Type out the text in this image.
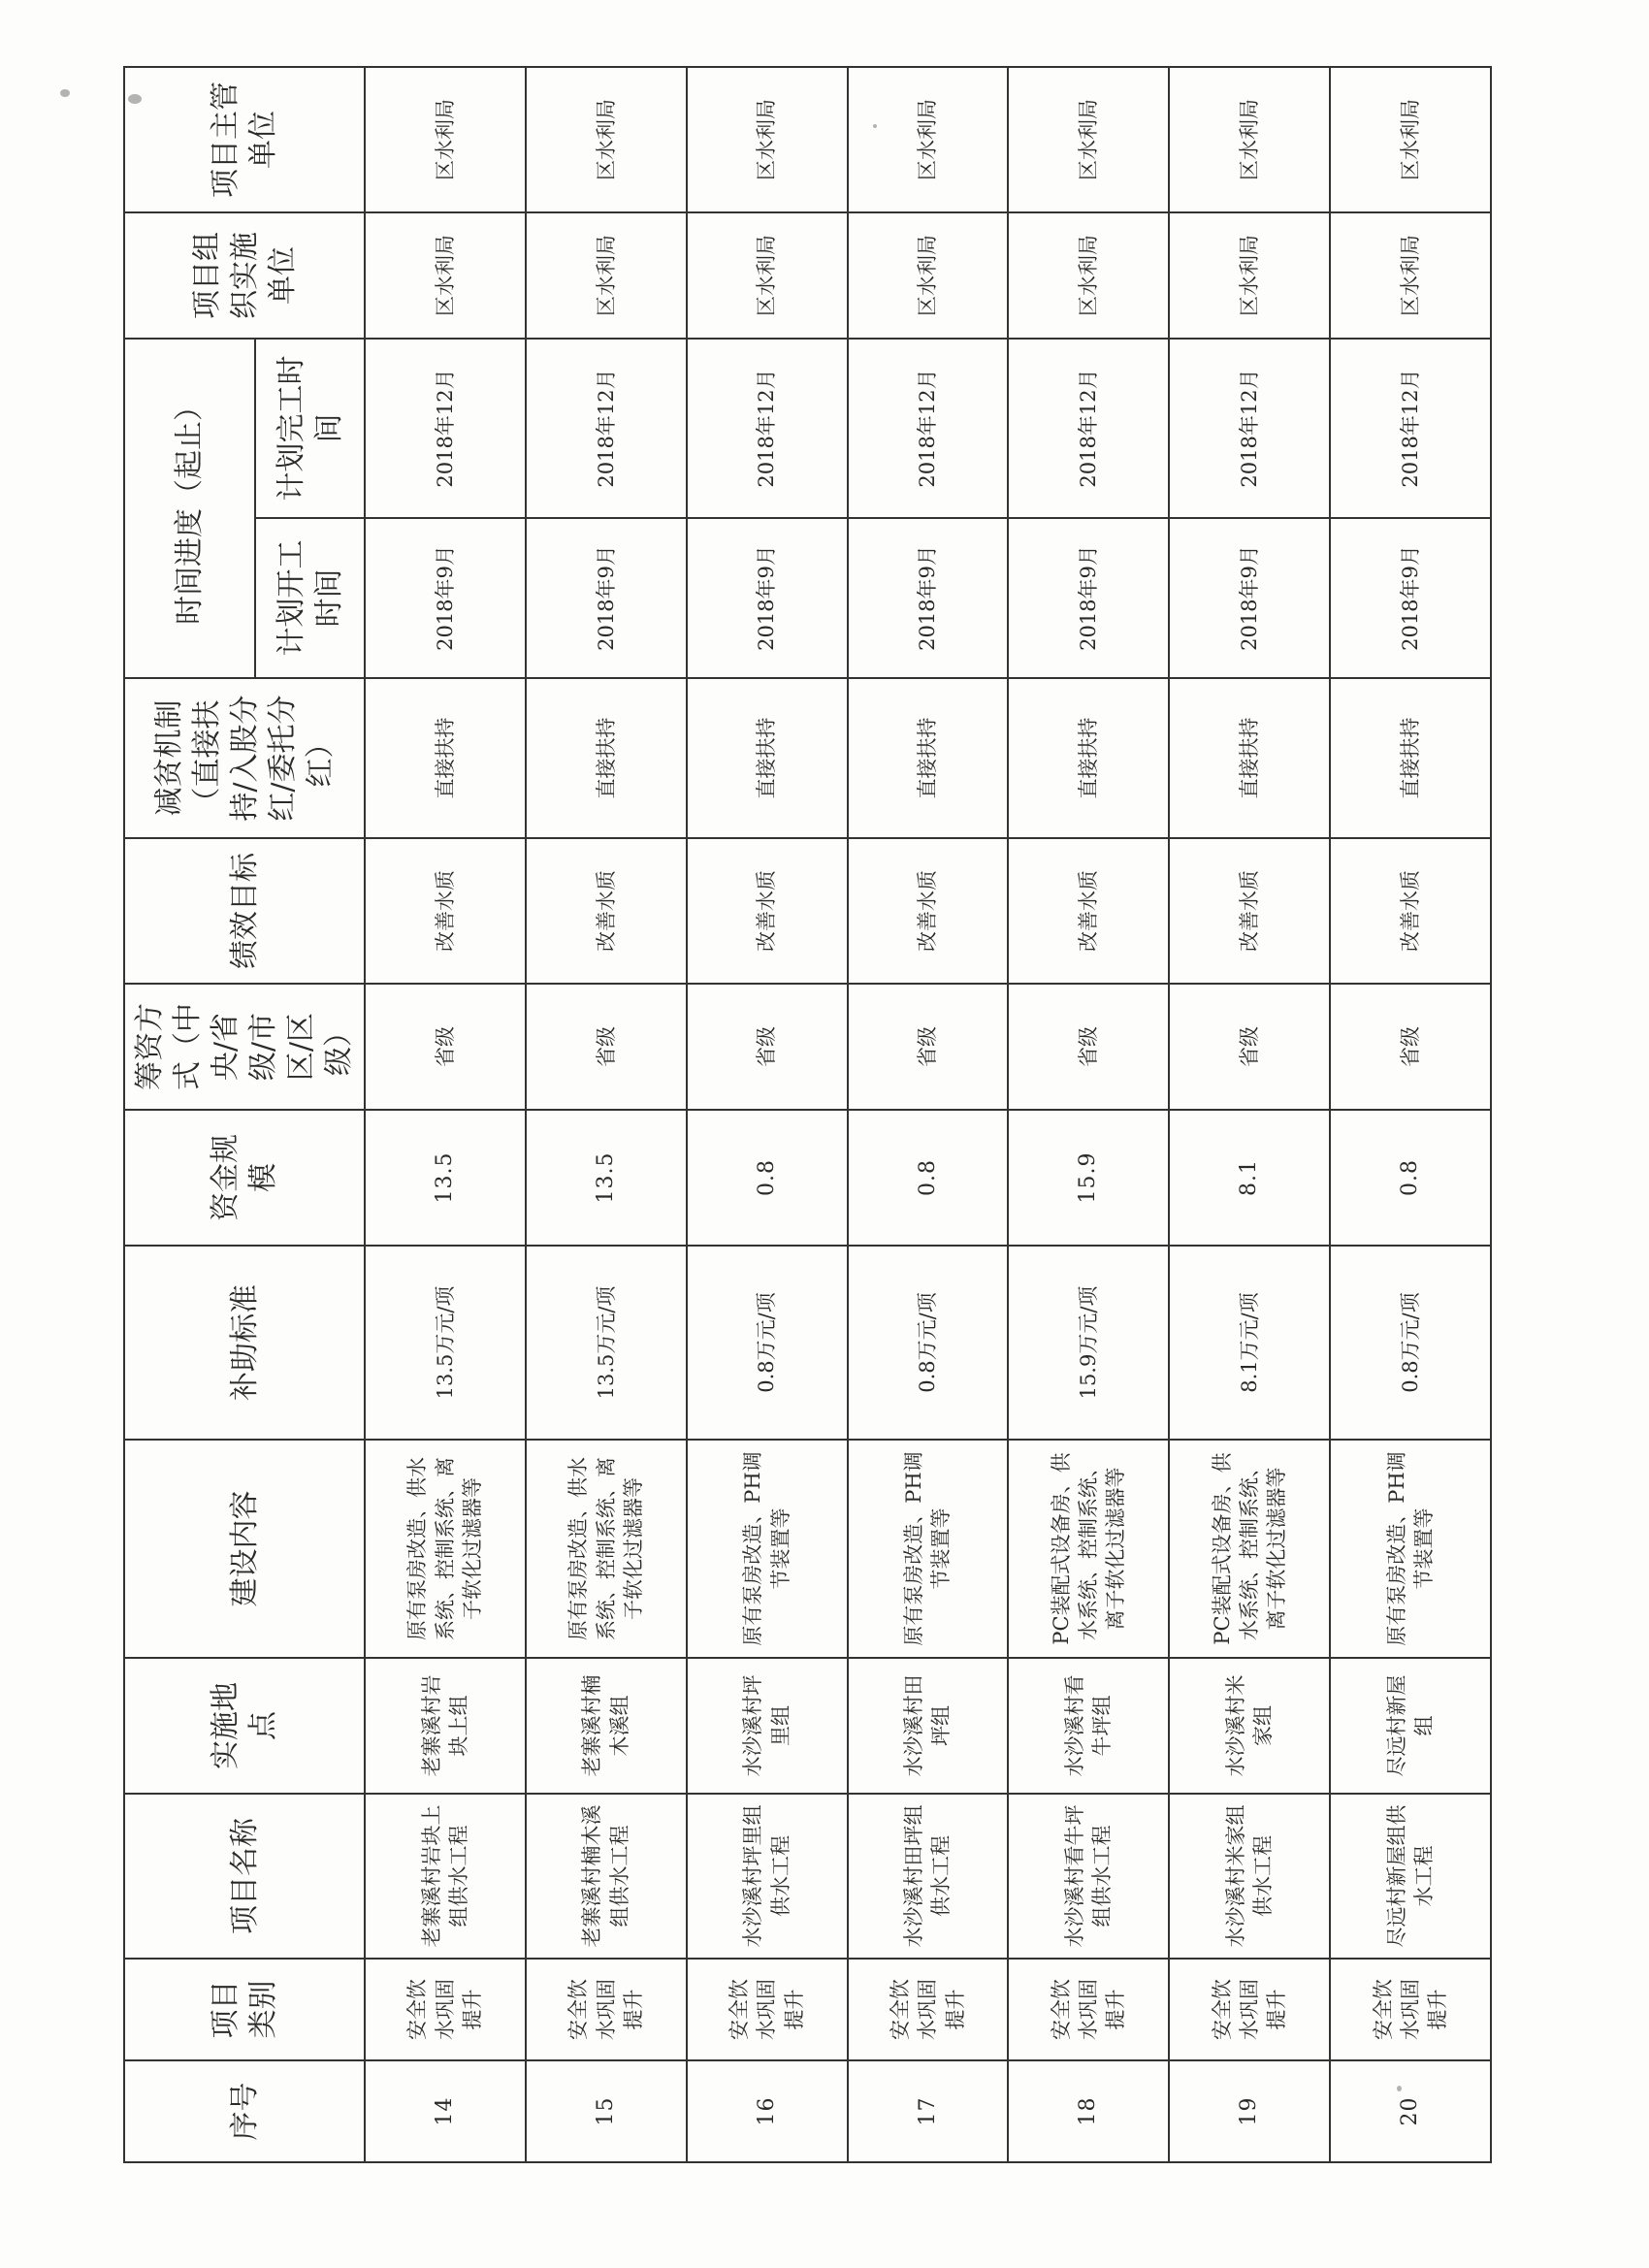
序号	项目类别	项目名称	实施地点	建设内容	补助标准	资金规模	筹资方式（中央/省级/市区/区级）	绩效目标	减贫机制（直接扶持/入股分红/委托分红）	时间进度（起止）		项目组织实施单位	项目主管单位
										计划开工时间	计划完工时间		
14	安全饮水巩固提升	老寨溪村岩块上组供水工程	老寨溪村岩块上组	原有泵房改造、供水系统、控制系统、离子软化过滤器等	13.5万元/项	13.5	省级	改善水质	直接扶持	2018年9月	2018年12月	区水利局	区水利局
15	安全饮水巩固提升	老寨溪村楠木溪组供水工程	老寨溪村楠木溪组	原有泵房改造、供水系统、控制系统、离子软化过滤器等	13.5万元/项	13.5	省级	改善水质	直接扶持	2018年9月	2018年12月	区水利局	区水利局
16	安全饮水巩固提升	水沙溪村坪里组供水工程	水沙溪村坪里组	原有泵房改造、PH调节装置等	0.8万元/项	0.8	省级	改善水质	直接扶持	2018年9月	2018年12月	区水利局	区水利局
17	安全饮水巩固提升	水沙溪村田坪组供水工程	水沙溪村田坪组	原有泵房改造、PH调节装置等	0.8万元/项	0.8	省级	改善水质	直接扶持	2018年9月	2018年12月	区水利局	区水利局
18	安全饮水巩固提升	水沙溪村看牛坪组供水工程	水沙溪村看牛坪组	PC装配式设备房、供水系统、控制系统、离子软化过滤器等	15.9万元/项	15.9	省级	改善水质	直接扶持	2018年9月	2018年12月	区水利局	区水利局
19	安全饮水巩固提升	水沙溪村米家组供水工程	水沙溪村米家组	PC装配式设备房、供水系统、控制系统、离子软化过滤器等	8.1万元/项	8.1	省级	改善水质	直接扶持	2018年9月	2018年12月	区水利局	区水利局
20	安全饮水巩固提升	尽远村新屋组供水工程	尽远村新屋组	原有泵房改造、PH调节装置等	0.8万元/项	0.8	省级	改善水质	直接扶持	2018年9月	2018年12月	区水利局	区水利局
